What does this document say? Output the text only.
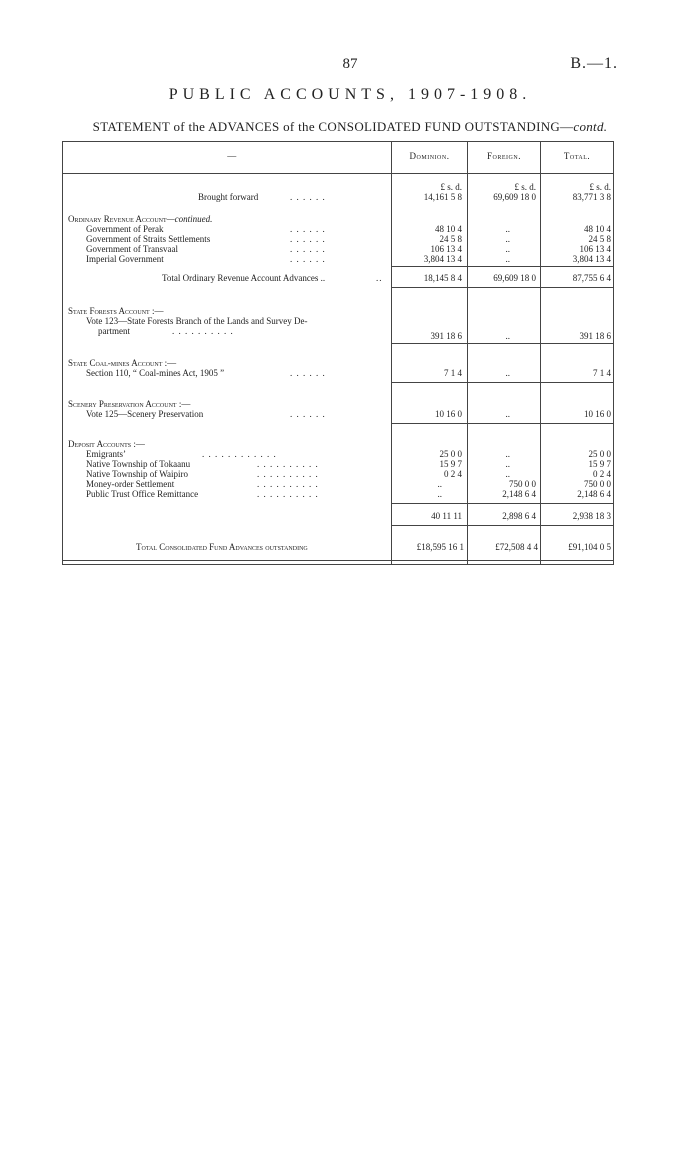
87	B.—1.
PUBLIC ACCOUNTS, 1907-1908.
STATEMENT of the ADVANCES of the CONSOLIDATED FUND OUTSTANDING—contd.
—	Dominion.	Foreign.	Total.
£ s. d.	£ s. d.	£ s. d.
Brought forward	. . . . . .	14,161 5 8	69,609 18 0	83,771 3 8
Ordinary Revenue Account—continued.
Government of Perak	. . . . . .	48 10 4	..	48 10 4
Government of Straits Settlements	. . . . . .	24 5 8	..	24 5 8
Government of Transvaal	. . . . . .	106 13 4	..	106 13 4
Imperial Government	. . . . . .	3,804 13 4	..	3,804 13 4
Total Ordinary Revenue Account Advances ..	..	18,145 8 4	69,609 18 0	87,755 6 4
State Forests Account :—
Vote 123—State Forests Branch of the Lands and Survey De-
partment	. . . . . . . . . .	391 18 6	..	391 18 6
State Coal-mines Account :—
Section 110, “ Coal-mines Act, 1905 ”	. . . . . .	7 1 4	..	7 1 4
Scenery Preservation Account :—
Vote 125—Scenery Preservation	. . . . . .	10 16 0	..	10 16 0
Deposit Accounts :—
Emigrants’	. . . . . . . . . . . .	25 0 0	..	25 0 0
Native Township of Tokaanu	. . . . . . . . . .	15 9 7	..	15 9 7
Native Township of Waipiro	. . . . . . . . . .	0 2 4	..	0 2 4
Money-order Settlement	. . . . . . . . . .	..	750 0 0	750 0 0
Public Trust Office Remittance	. . . . . . . . . .	..	2,148 6 4	2,148 6 4
40 11 11	2,898 6 4	2,938 18 3
Total Consolidated Fund Advances outstanding	£18,595 16 1	£72,508 4 4	£91,104 0 5
